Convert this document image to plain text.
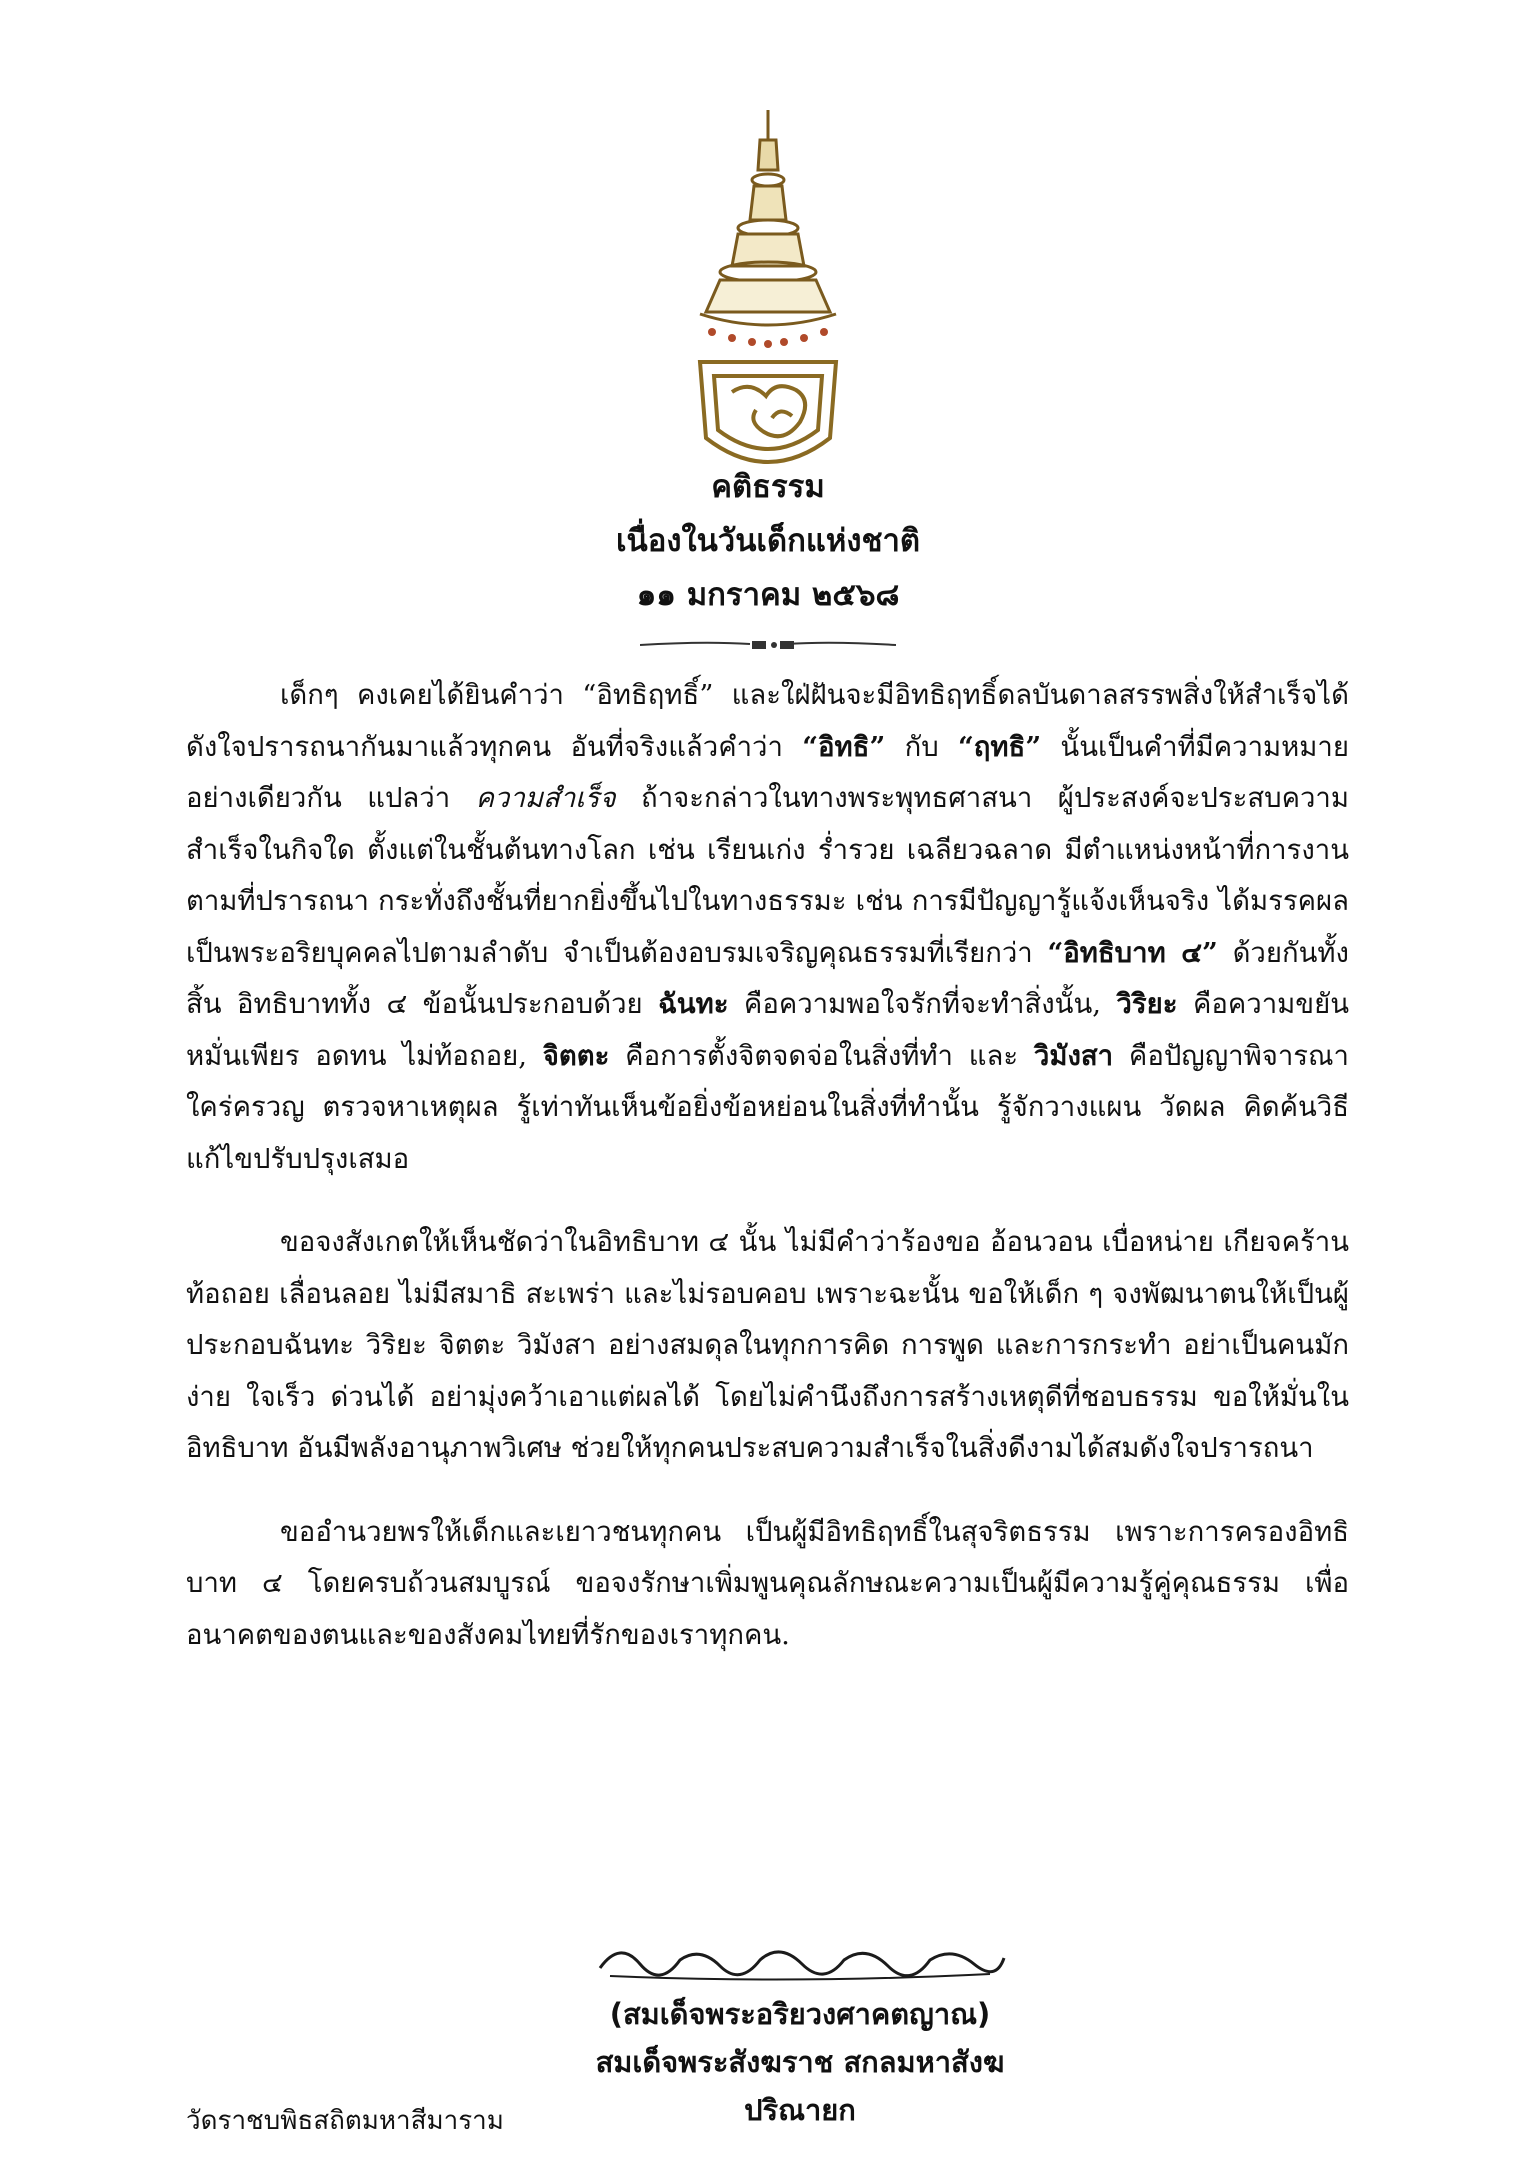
คติธรรม
เนื่องในวันเด็กแห่งชาติ
๑๑ มกราคม ๒๕๖๘

เด็กๆ คงเคยได้ยินคำว่า “อิทธิฤทธิ์” และใฝ่ฝันจะมีอิทธิฤทธิ์ดลบันดาลสรรพสิ่งให้สำเร็จได้ดังใจปรารถนากันมาแล้วทุกคน อันที่จริงแล้วคำว่า “อิทธิ” กับ “ฤทธิ” นั้นเป็นคำที่มีความหมายอย่างเดียวกัน แปลว่า ความสำเร็จ ถ้าจะกล่าวในทางพระพุทธศาสนา ผู้ประสงค์จะประสบความสำเร็จในกิจใด ตั้งแต่ในชั้นต้นทางโลก เช่น เรียนเก่ง ร่ำรวย เฉลียวฉลาด มีตำแหน่งหน้าที่การงานตามที่ปรารถนา กระทั่งถึงชั้นที่ยากยิ่งขึ้นไปในทางธรรมะ เช่น การมีปัญญารู้แจ้งเห็นจริง ได้มรรคผลเป็นพระอริยบุคคลไปตามลำดับ จำเป็นต้องอบรมเจริญคุณธรรมที่เรียกว่า “อิทธิบาท ๔” ด้วยกันทั้งสิ้น อิทธิบาททั้ง ๔ ข้อนั้นประกอบด้วย ฉันทะ คือความพอใจรักที่จะทำสิ่งนั้น, วิริยะ คือความขยันหมั่นเพียร อดทน ไม่ท้อถอย, จิตตะ คือการตั้งจิตจดจ่อในสิ่งที่ทำ และ วิมังสา คือปัญญาพิจารณาใคร่ครวญ ตรวจหาเหตุผล รู้เท่าทันเห็นข้อยิ่งข้อหย่อนในสิ่งที่ทำนั้น รู้จักวางแผน วัดผล คิดค้นวิธีแก้ไขปรับปรุงเสมอ

ขอจงสังเกตให้เห็นชัดว่าในอิทธิบาท ๔ นั้น ไม่มีคำว่าร้องขอ อ้อนวอน เบื่อหน่าย เกียจคร้าน ท้อถอย เลื่อนลอย ไม่มีสมาธิ สะเพร่า และไม่รอบคอบ เพราะฉะนั้น ขอให้เด็ก ๆ จงพัฒนาตนให้เป็นผู้ประกอบฉันทะ วิริยะ จิตตะ วิมังสา อย่างสมดุลในทุกการคิด การพูด และการกระทำ อย่าเป็นคนมักง่าย ใจเร็ว ด่วนได้ อย่ามุ่งคว้าเอาแต่ผลได้ โดยไม่คำนึงถึงการสร้างเหตุดีที่ชอบธรรม ขอให้มั่นในอิทธิบาท อันมีพลังอานุภาพวิเศษ ช่วยให้ทุกคนประสบความสำเร็จในสิ่งดีงามได้สมดังใจปรารถนา

ขออำนวยพรให้เด็กและเยาวชนทุกคน เป็นผู้มีอิทธิฤทธิ์ในสุจริตธรรม เพราะการครองอิทธิบาท ๔ โดยครบถ้วนสมบูรณ์ ขอจงรักษาเพิ่มพูนคุณลักษณะความเป็นผู้มีความรู้คู่คุณธรรม เพื่ออนาคตของตนและของสังคมไทยที่รักของเราทุกคน.

(สมเด็จพระอริยวงศาคตญาณ)
สมเด็จพระสังฆราช สกลมหาสังฆปริณายก
วัดราชบพิธสถิตมหาสีมาราม
